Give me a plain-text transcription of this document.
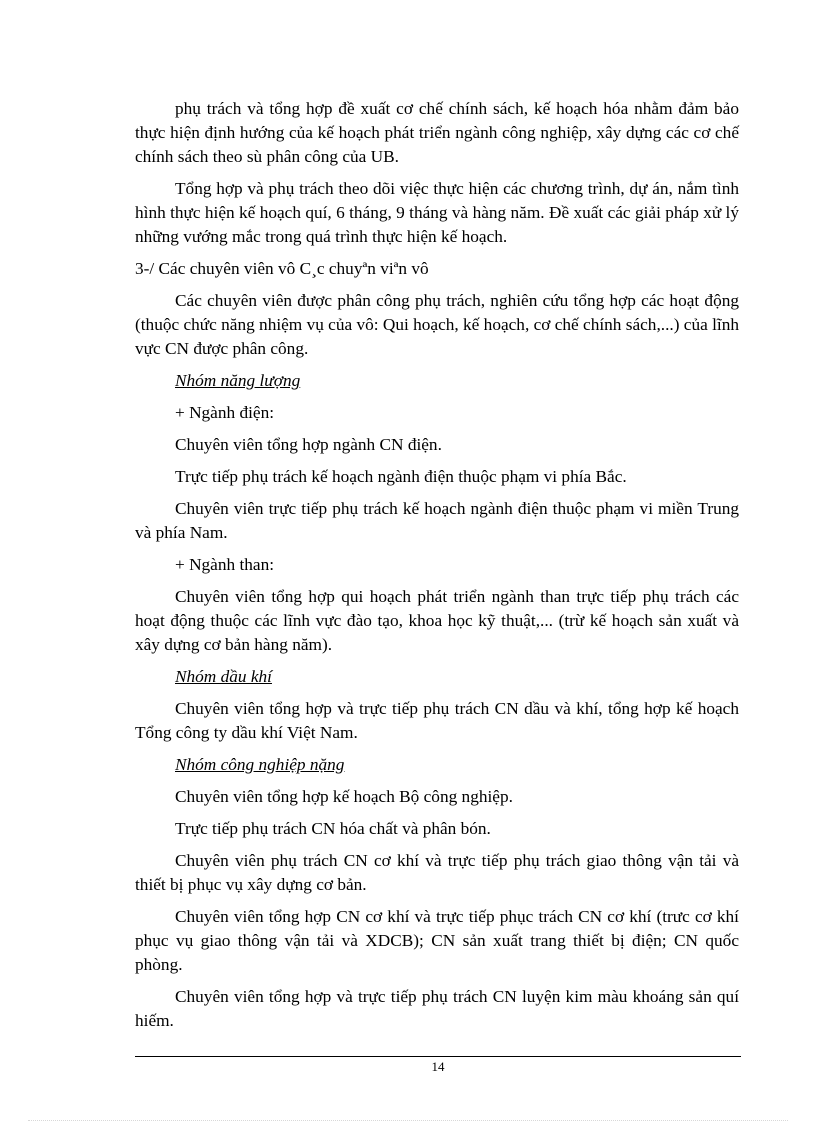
phụ trách và tổng hợp đề xuất cơ chế chính sách, kế hoạch hóa nhằm đảm bảo thực hiện định hướng của kế hoạch phát triển ngành công nghiệp, xây dựng các cơ chế chính sách theo sù phân công của UB.

Tổng hợp và phụ trách theo dõi việc thực hiện các chương trình, dự án, nắm tình hình thực hiện kế hoạch quí, 6 tháng, 9 tháng và hàng năm. Đề xuất các giải pháp xử lý những vướng mắc trong quá trình thực hiện kế hoạch.

3-/ Các chuyên viên vô C¸c chuyªn viªn vô

Các chuyên viên được phân công phụ trách, nghiên cứu tổng hợp các hoạt động (thuộc chức năng nhiệm vụ của vô: Qui hoạch, kế hoạch, cơ chế chính sách,...) của lĩnh vực CN được phân công.

Nhóm năng lượng

+ Ngành điện:

Chuyên viên tổng hợp ngành CN điện.

Trực tiếp phụ trách kế hoạch ngành điện thuộc phạm vi phía Bắc.

Chuyên viên trực tiếp phụ trách kế hoạch ngành điện thuộc phạm vi miền Trung và phía Nam.

+ Ngành than:

Chuyên viên tổng hợp qui hoạch phát triển ngành than trực tiếp phụ trách các hoạt động thuộc các lĩnh vực đào tạo, khoa học kỹ thuật,... (trừ kế hoạch sản xuất và xây dựng cơ bản hàng năm).

Nhóm dầu khí

Chuyên viên tổng hợp và trực tiếp phụ trách CN dầu và khí, tổng hợp kế hoạch Tổng công ty dầu khí Việt Nam.

Nhóm công nghiệp nặng

Chuyên viên tổng hợp kế hoạch Bộ công nghiệp.

Trực tiếp phụ trách CN hóa chất và phân bón.

Chuyên viên phụ trách CN cơ khí và trực tiếp phụ trách giao thông vận tải và thiết bị phục vụ xây dựng cơ bản.

Chuyên viên tổng hợp CN cơ khí và trực tiếp phục trách CN cơ khí (trưc cơ khí phục vụ giao thông vận tải và XDCB); CN sản xuất trang thiết bị điện; CN quốc phòng.

Chuyên viên tổng hợp và trực tiếp phụ trách CN luyện kim màu khoáng sản quí hiếm.

14
